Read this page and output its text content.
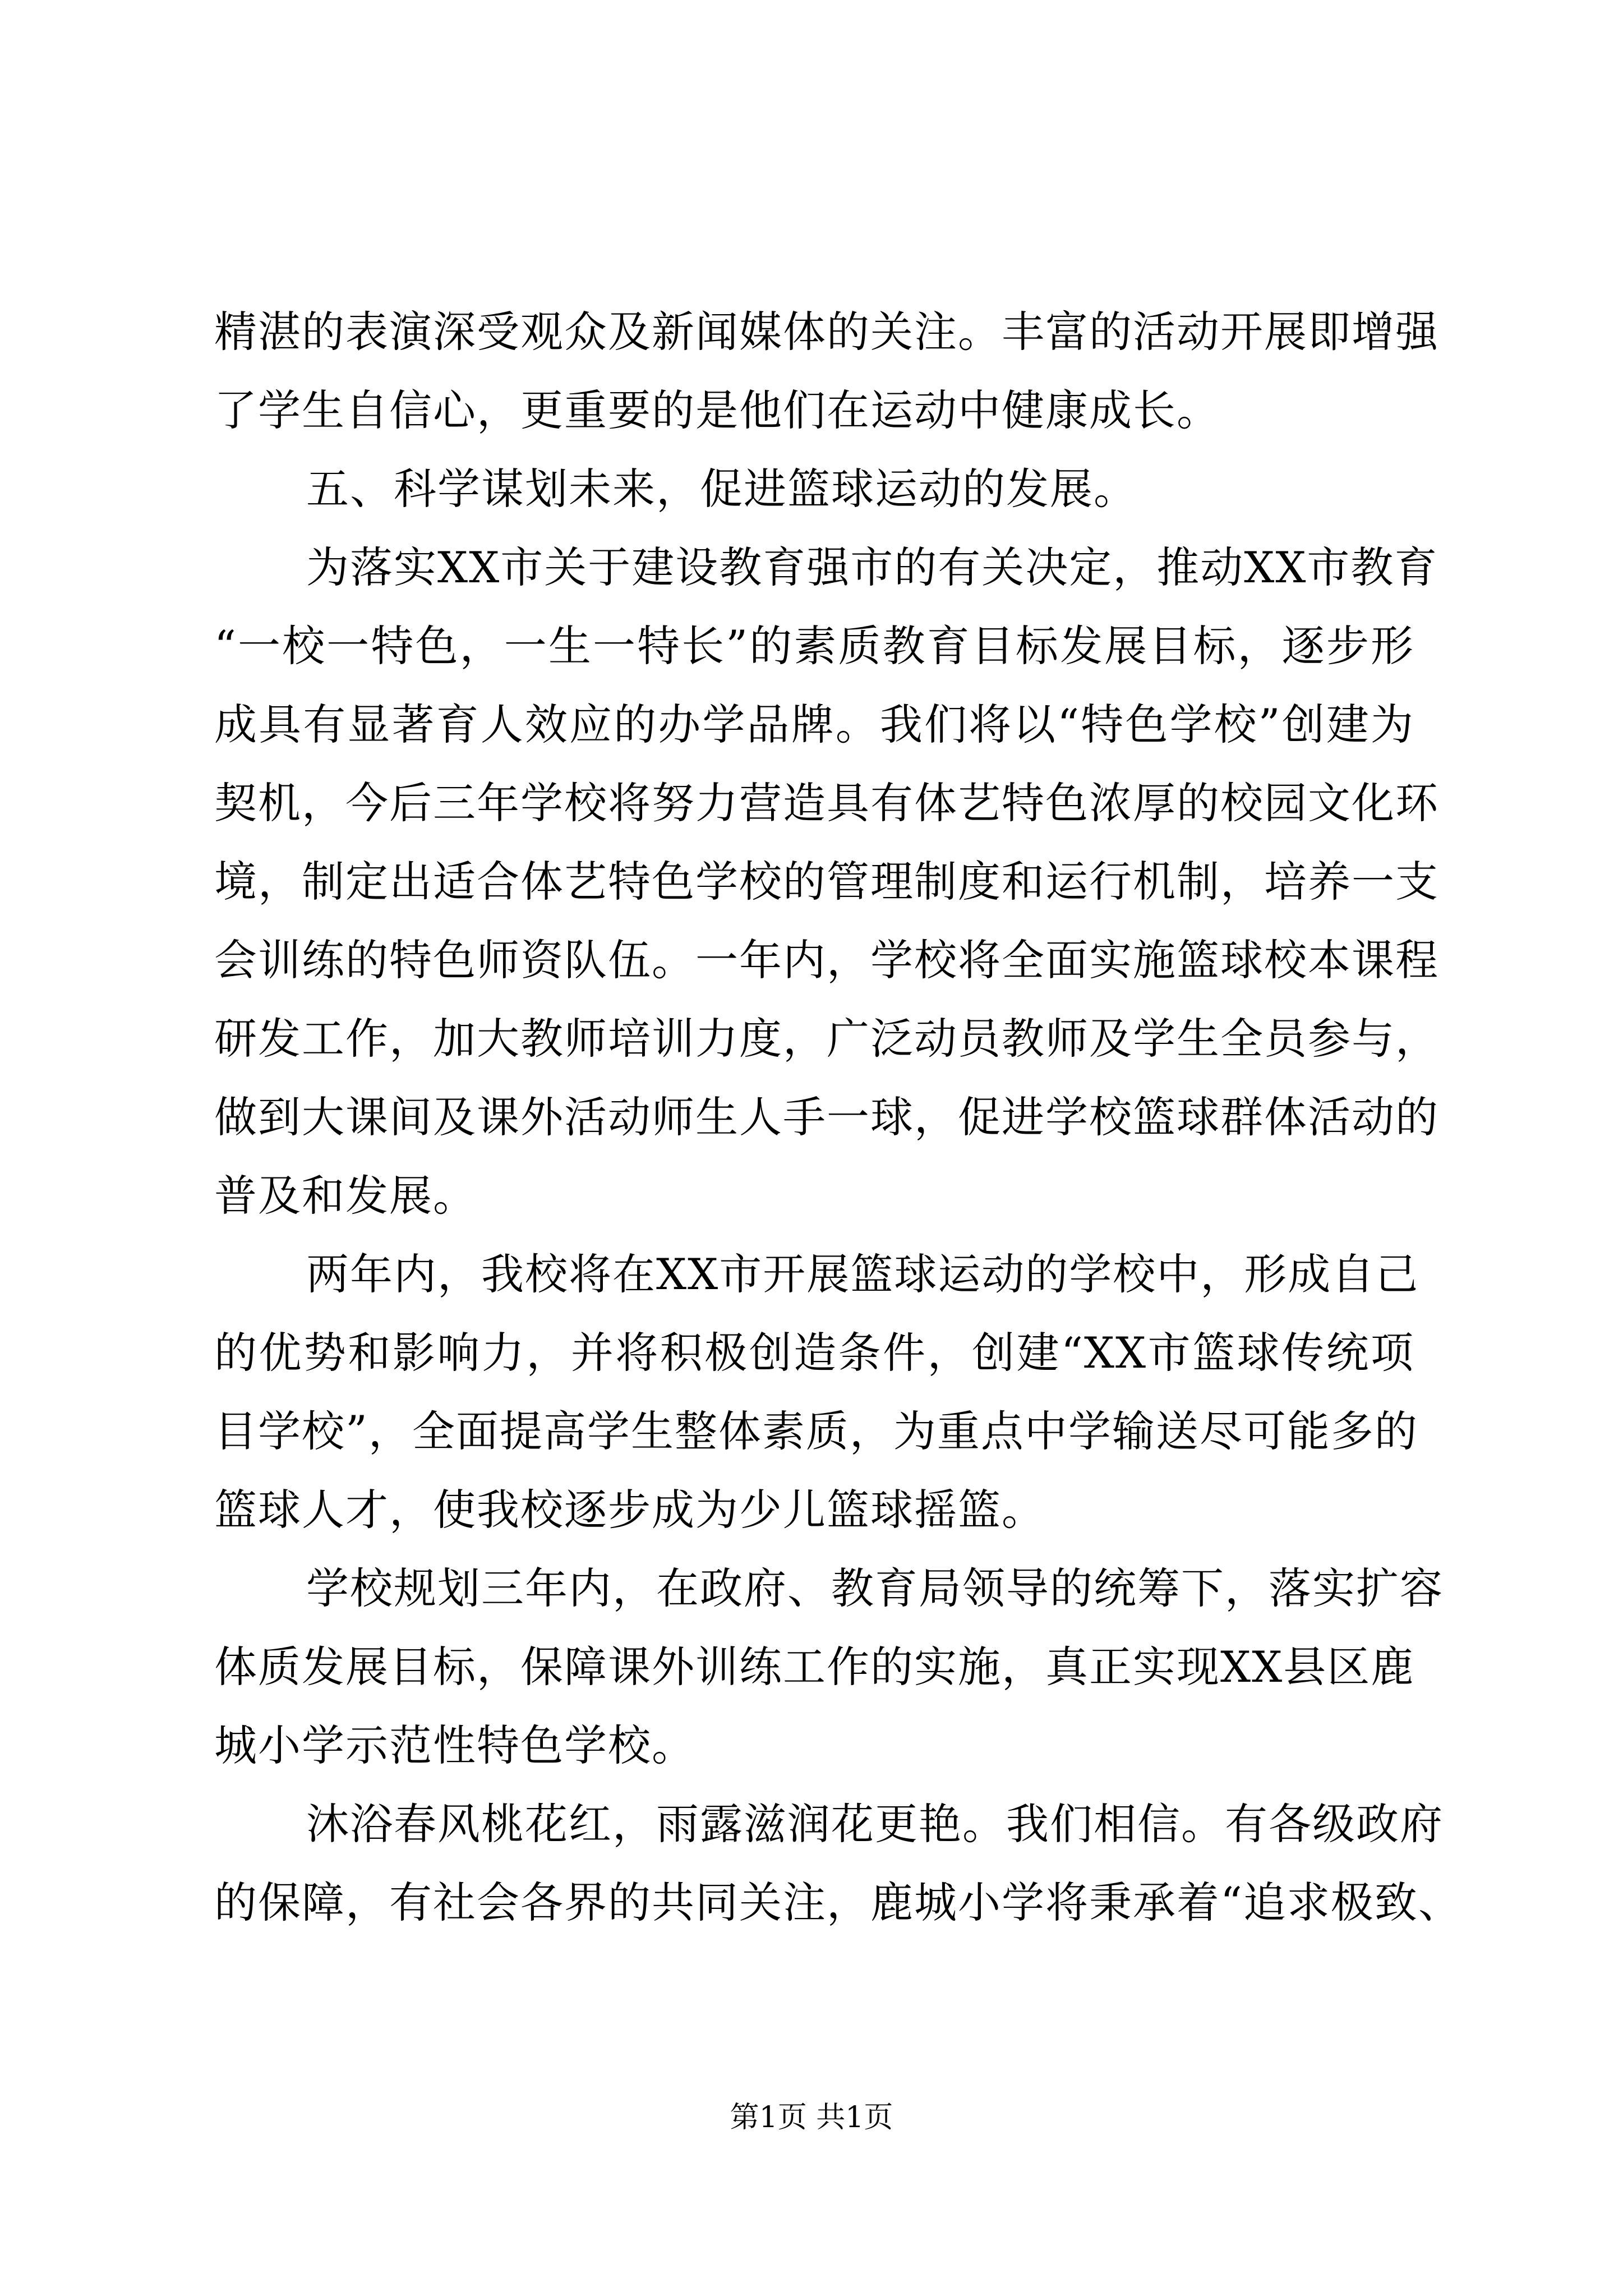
精湛的表演深受观众及新闻媒体的关注。丰富的活动开展即增强
了学生自信心，更重要的是他们在运动中健康成长。
五、科学谋划未来，促进篮球运动的发展。
为落实XX市关于建设教育强市的有关决定，推动XX市教育
“一校一特色，一生一特长”的素质教育目标发展目标，逐步形
成具有显著育人效应的办学品牌。我们将以“特色学校”创建为
契机，今后三年学校将努力营造具有体艺特色浓厚的校园文化环
境，制定出适合体艺特色学校的管理制度和运行机制，培养一支
会训练的特色师资队伍。一年内，学校将全面实施篮球校本课程
研发工作，加大教师培训力度，广泛动员教师及学生全员参与，
做到大课间及课外活动师生人手一球，促进学校篮球群体活动的
普及和发展。
两年内，我校将在XX市开展篮球运动的学校中，形成自己
的优势和影响力，并将积极创造条件，创建“XX市篮球传统项
目学校”，全面提高学生整体素质，为重点中学输送尽可能多的
篮球人才，使我校逐步成为少儿篮球摇篮。
学校规划三年内，在政府、教育局领导的统筹下，落实扩容
体质发展目标，保障课外训练工作的实施，真正实现XX县区鹿
城小学示范性特色学校。
沐浴春风桃花红，雨露滋润花更艳。我们相信。有各级政府
的保障，有社会各界的共同关注，鹿城小学将秉承着“追求极致、
第1页 共1页
